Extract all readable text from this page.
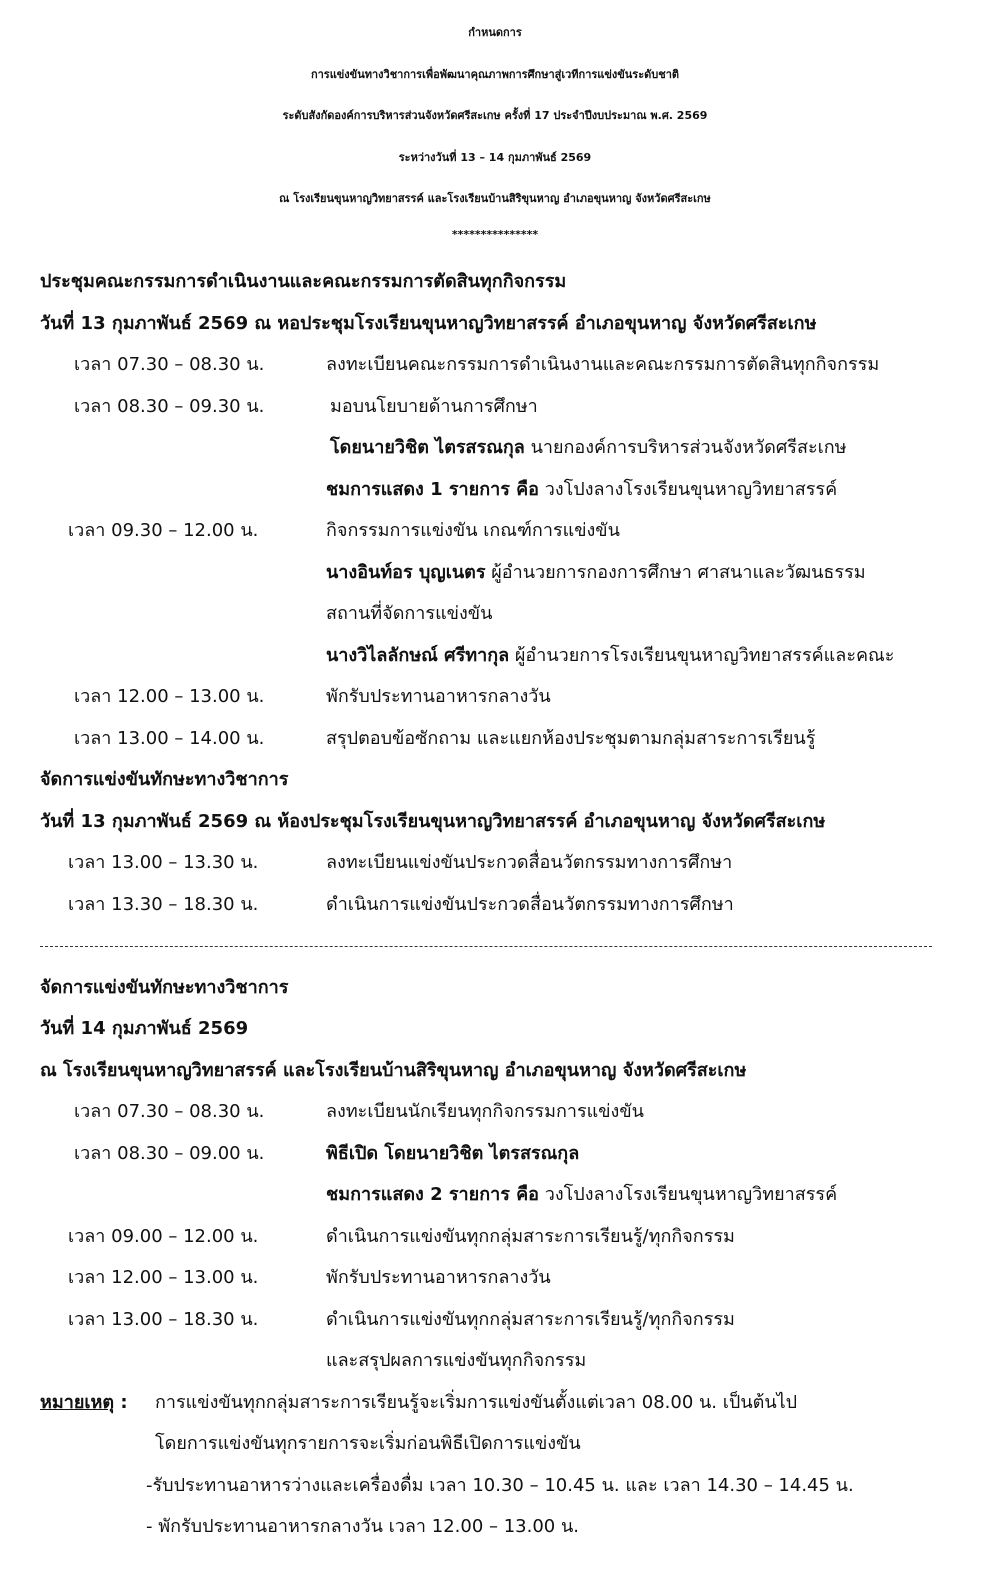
กำหนดการ
การแข่งขันทางวิชาการเพื่อพัฒนาคุณภาพการศึกษาสู่เวทีการแข่งขันระดับชาติ
ระดับสังกัดองค์การบริหารส่วนจังหวัดศรีสะเกษ ครั้งที่ 17 ประจำปีงบประมาณ พ.ศ. 2569
ระหว่างวันที่ 13 – 14 กุมภาพันธ์ 2569
ณ โรงเรียนขุนหาญวิทยาสรรค์ และโรงเรียนบ้านสิริขุนหาญ อำเภอขุนหาญ จังหวัดศรีสะเกษ
***************
ประชุมคณะกรรมการดำเนินงานและคณะกรรมการตัดสินทุกกิจกรรม
วันที่ 13 กุมภาพันธ์ 2569 ณ หอประชุมโรงเรียนขุนหาญวิทยาสรรค์ อำเภอขุนหาญ จังหวัดศรีสะเกษ
เวลา 07.30 – 08.30 น.	ลงทะเบียนคณะกรรมการดำเนินงานและคณะกรรมการตัดสินทุกกิจกรรม
เวลา 08.30 – 09.30 น.	มอบนโยบายด้านการศึกษา
โดยนายวิชิต ไตรสรณกุล นายกองค์การบริหารส่วนจังหวัดศรีสะเกษ
ชมการแสดง 1 รายการ คือ วงโปงลางโรงเรียนขุนหาญวิทยาสรรค์
เวลา 09.30 – 12.00 น.	กิจกรรมการแข่งขัน เกณฑ์การแข่งขัน
นางอินท์อร บุญเนตร ผู้อำนวยการกองการศึกษา ศาสนาและวัฒนธรรม
สถานที่จัดการแข่งขัน
นางวิไลลักษณ์ ศรีทากุล ผู้อำนวยการโรงเรียนขุนหาญวิทยาสรรค์และคณะ
เวลา 12.00 – 13.00 น.	พักรับประทานอาหารกลางวัน
เวลา 13.00 – 14.00 น.	สรุปตอบข้อซักถาม และแยกห้องประชุมตามกลุ่มสาระการเรียนรู้
จัดการแข่งขันทักษะทางวิชาการ
วันที่ 13 กุมภาพันธ์ 2569 ณ ห้องประชุมโรงเรียนขุนหาญวิทยาสรรค์ อำเภอขุนหาญ จังหวัดศรีสะเกษ
เวลา 13.00 – 13.30 น.	ลงทะเบียนแข่งขันประกวดสื่อนวัตกรรมทางการศึกษา
เวลา 13.30 – 18.30 น.	ดำเนินการแข่งขันประกวดสื่อนวัตกรรมทางการศึกษา
จัดการแข่งขันทักษะทางวิชาการ
วันที่ 14 กุมภาพันธ์ 2569
ณ โรงเรียนขุนหาญวิทยาสรรค์ และโรงเรียนบ้านสิริขุนหาญ อำเภอขุนหาญ จังหวัดศรีสะเกษ
เวลา 07.30 – 08.30 น.	ลงทะเบียนนักเรียนทุกกิจกรรมการแข่งขัน
เวลา 08.30 – 09.00 น.	พิธีเปิด โดยนายวิชิต ไตรสรณกุล
ชมการแสดง 2 รายการ คือ วงโปงลางโรงเรียนขุนหาญวิทยาสรรค์
เวลา 09.00 – 12.00 น.	ดำเนินการแข่งขันทุกกลุ่มสาระการเรียนรู้/ทุกกิจกรรม
เวลา 12.00 – 13.00 น.	พักรับประทานอาหารกลางวัน
เวลา 13.00 – 18.30 น.	ดำเนินการแข่งขันทุกกลุ่มสาระการเรียนรู้/ทุกกิจกรรม
และสรุปผลการแข่งขันทุกกิจกรรม
หมายเหตุ : การแข่งขันทุกกลุ่มสาระการเรียนรู้จะเริ่มการแข่งขันตั้งแต่เวลา 08.00 น. เป็นต้นไป
โดยการแข่งขันทุกรายการจะเริ่มก่อนพิธีเปิดการแข่งขัน
-รับประทานอาหารว่างและเครื่องดื่ม เวลา 10.30 – 10.45 น. และ เวลา 14.30 – 14.45 น.
- พักรับประทานอาหารกลางวัน เวลา 12.00 – 13.00 น.
